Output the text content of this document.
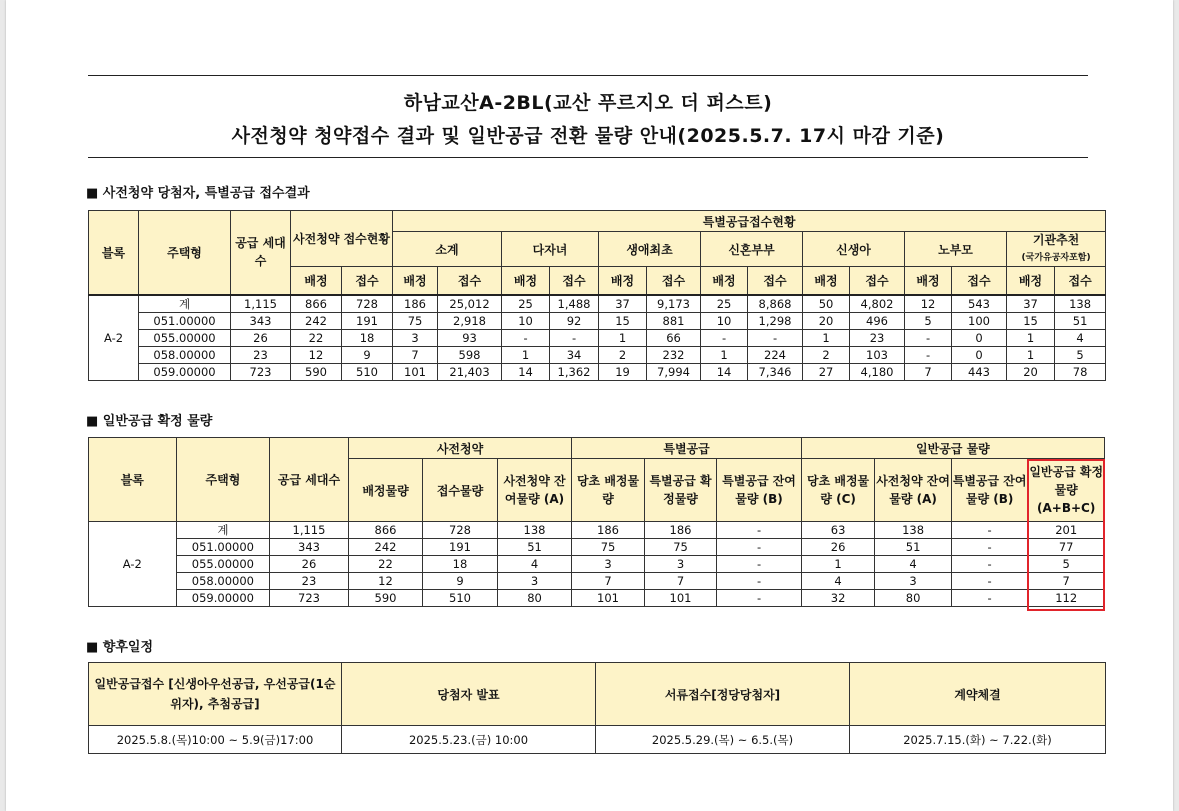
하남교산A-2BL(교산 푸르지오 더 퍼스트)
사전청약 청약접수 결과 및 일반공급 전환 물량 안내(2025.5.7. 17시 마감 기준)
■ 사전청약 당첨자, 특별공급 접수결과
블록	주택형	공급 세대수	사전청약 접수현황		특별공급접수현황													
					소계		다자녀		생애최초		신혼부부		신생아		노부모		기관추천
(국가유공자포함)	
			배정	접수	배정	접수	배정	접수	배정	접수	배정	접수	배정	접수	배정	접수	배정	접수
A-2	계	1,115	866	728	186	25,012	25	1,488	37	9,173	25	8,868	50	4,802	12	543	37	138
	051.00000	343	242	191	75	2,918	10	92	15	881	10	1,298	20	496	5	100	15	51
	055.00000	26	22	18	3	93	-	-	1	66	-	-	1	23	-	0	1	4
	058.00000	23	12	9	7	598	1	34	2	232	1	224	2	103	-	0	1	5
	059.00000	723	590	510	101	21,403	14	1,362	19	7,994	14	7,346	27	4,180	7	443	20	78
■ 일반공급 확정 물량
블록	주택형	공급 세대수	사전청약			특별공급			일반공급 물량			
			배정물량	접수물량	사전청약 잔여물량 (A)	당초 배정물량	특별공급 확정물량	특별공급 잔여물량 (B)	당초 배정물량 (C)	사전청약 잔여물량 (A)	특별공급 잔여물량 (B)	일반공급 확정물량 (A+B+C)
A-2	계	1,115	866	728	138	186	186	-	63	138	-	201
	051.00000	343	242	191	51	75	75	-	26	51	-	77
	055.00000	26	22	18	4	3	3	-	1	4	-	5
	058.00000	23	12	9	3	7	7	-	4	3	-	7
	059.00000	723	590	510	80	101	101	-	32	80	-	112
■ 향후일정
일반공급접수 [신생아우선공급, 우선공급(1순위자), 추첨공급]	당첨자 발표	서류접수[정당당첨자]	계약체결
2025.5.8.(목)10:00 ~ 5.9(금)17:00	2025.5.23.(금) 10:00	2025.5.29.(목) ~ 6.5.(목)	2025.7.15.(화) ~ 7.22.(화)
